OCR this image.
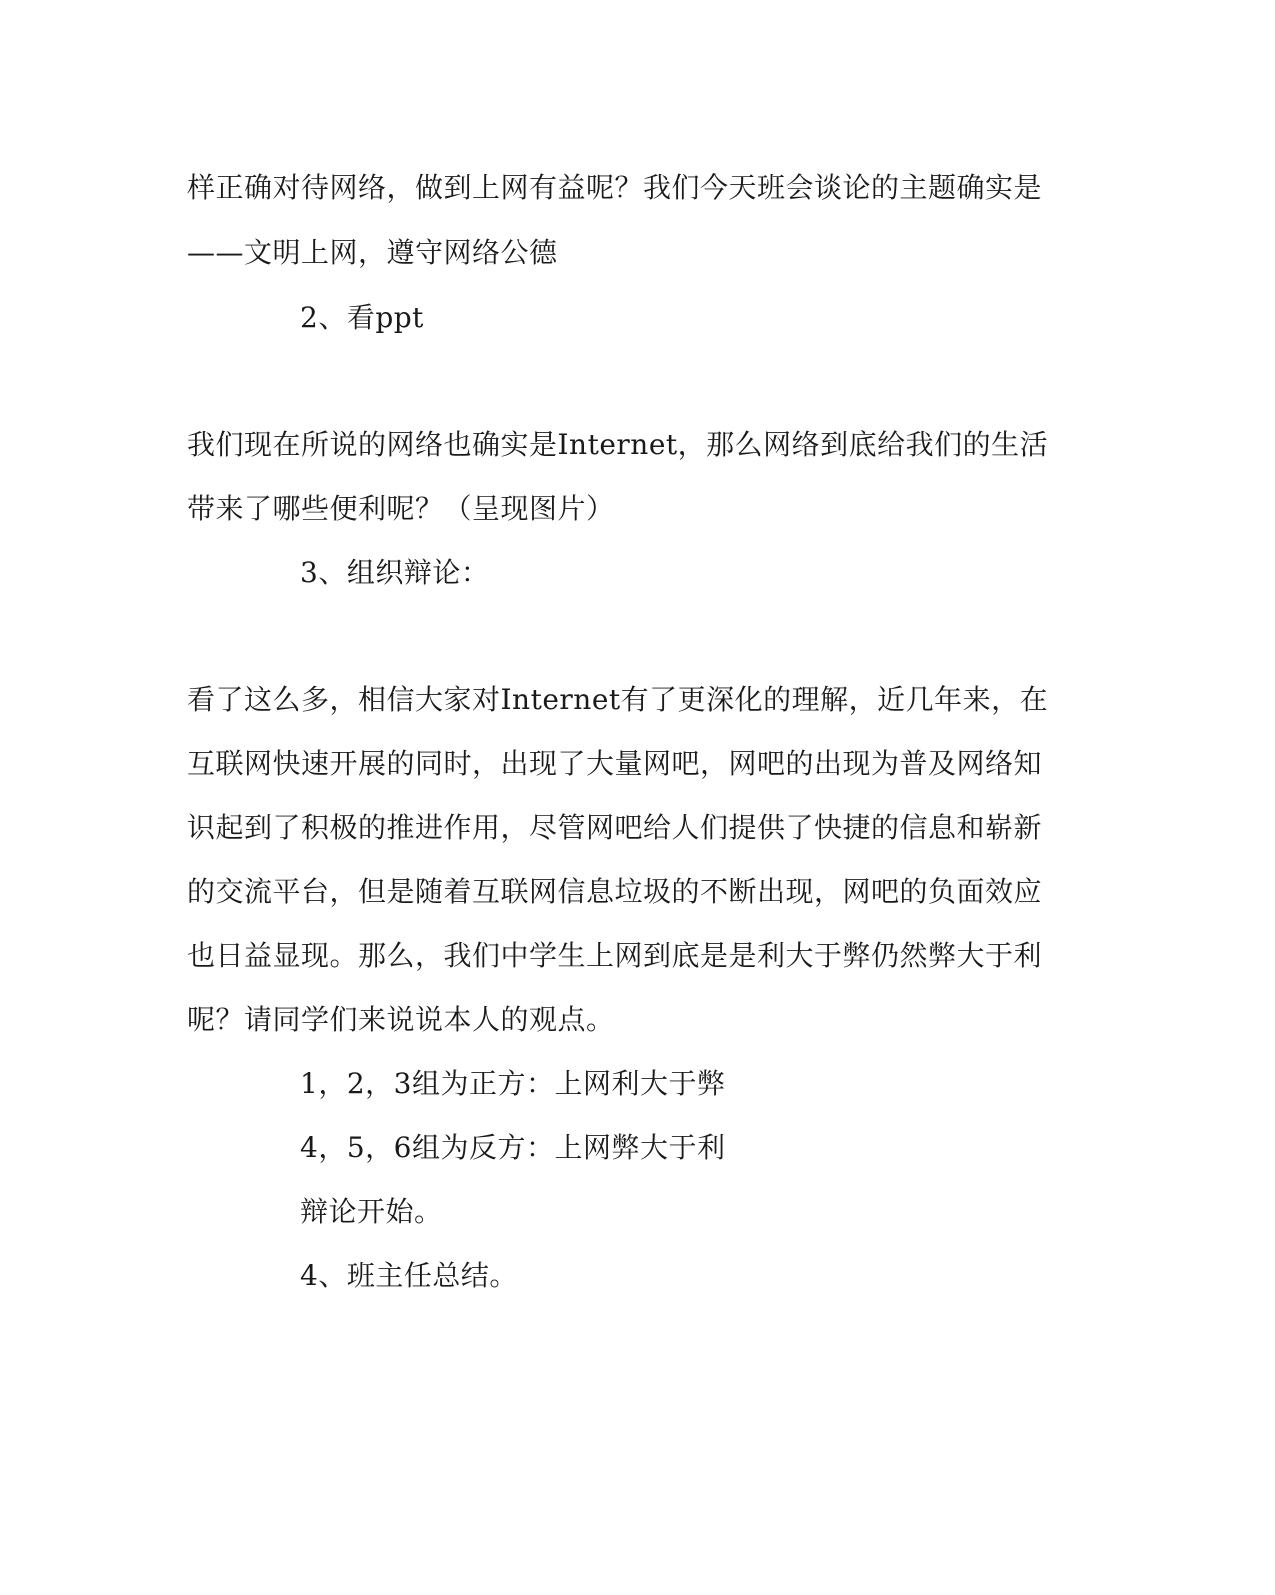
样正确对待网络，做到上网有益呢？我们今天班会谈论的主题确实是
——文明上网，遵守网络公德
2、看ppt
我们现在所说的网络也确实是Internet，那么网络到底给我们的生活
带来了哪些便利呢？（呈现图片）
3、组织辩论：
看了这么多，相信大家对Internet有了更深化的理解，近几年来，在
互联网快速开展的同时，出现了大量网吧，网吧的出现为普及网络知
识起到了积极的推进作用，尽管网吧给人们提供了快捷的信息和崭新
的交流平台，但是随着互联网信息垃圾的不断出现，网吧的负面效应
也日益显现。那么，我们中学生上网到底是是利大于弊仍然弊大于利
呢？请同学们来说说本人的观点。
1，2，3组为正方：上网利大于弊
4，5，6组为反方：上网弊大于利
辩论开始。
4、班主任总结。
